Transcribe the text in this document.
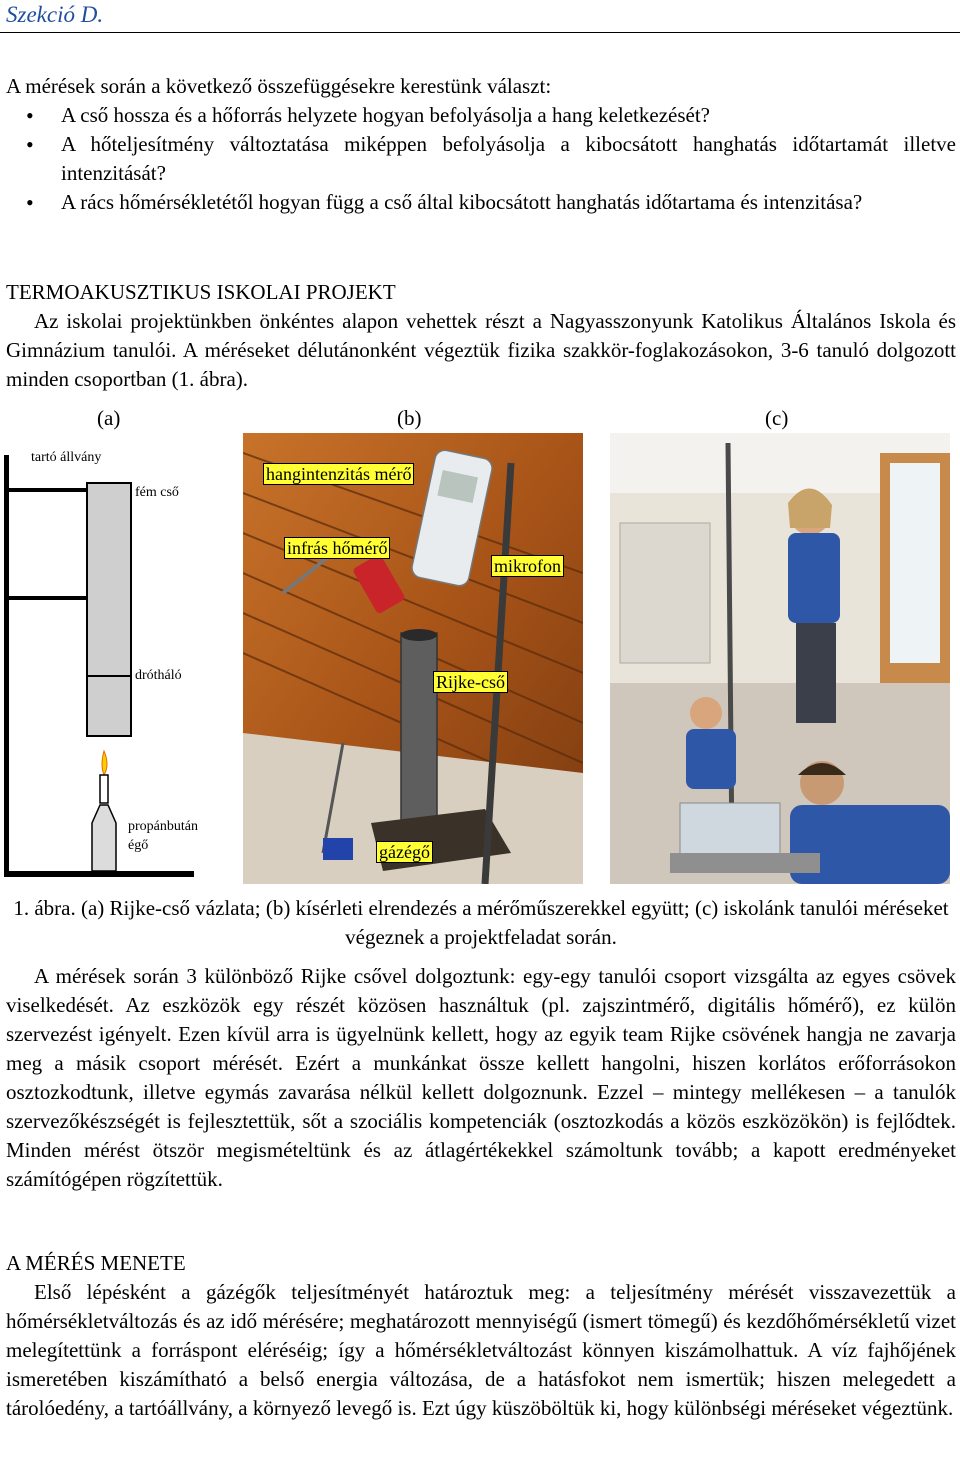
Szekció D.
A mérések során a következő összefüggésekre kerestünk választ:
• A cső hossza és a hőforrás helyzete hogyan befolyásolja a hang keletkezését?
• A hőteljesítmény változtatása miképpen befolyásolja a kibocsátott hanghatás időtartamát illetve intenzitását?
• A rács hőmérsékletétől hogyan függ a cső által kibocsátott hanghatás időtartama és intenzitása?
TERMOAKUSZTIKUS ISKOLAI PROJEKT
Az iskolai projektünkben önkéntes alapon vehettek részt a Nagyasszonyunk Katolikus Általános Iskola és Gimnázium tanulói. A méréseket délutánonként végeztük fizika szakkör-foglakozásokon, 3-6 tanuló dolgozott minden csoportban (1. ábra).
(a)	(b)	(c)
tartó állvány
fém cső
drótháló
propánbután égő
hangintenzitás mérő
infrás hőmérő
mikrofon
Rijke-cső
gázégő
1. ábra. (a) Rijke-cső vázlata; (b) kísérleti elrendezés a mérőműszerekkel együtt; (c) iskolánk tanulói méréseket végeznek a projektfeladat során.
A mérések során 3 különböző Rijke csővel dolgoztunk: egy-egy tanulói csoport vizsgálta az egyes csövek viselkedését. Az eszközök egy részét közösen használtuk (pl. zajszintmérő, digitális hőmérő), ez külön szervezést igényelt. Ezen kívül arra is ügyelnünk kellett, hogy az egyik team Rijke csövének hangja ne zavarja meg a másik csoport mérését. Ezért a munkánkat össze kellett hangolni, hiszen korlátos erőforrásokon osztozkodtunk, illetve egymás zavarása nélkül kellett dolgoznunk. Ezzel – mintegy mellékesen – a tanulók szervezőkészségét is fejlesztettük, sőt a szociális kompetenciák (osztozkodás a közös eszközökön) is fejlődtek. Minden mérést ötször megismételtünk és az átlagértékekkel számoltunk tovább; a kapott eredményeket számítógépen rögzítettük.
A MÉRÉS MENETE
Első lépésként a gázégők teljesítményét határoztuk meg: a teljesítmény mérését visszavezettük a hőmérsékletváltozás és az idő mérésére; meghatározott mennyiségű (ismert tömegű) és kezdőhőmérsékletű vizet melegítettünk a forráspont eléréséig; így a hőmérsékletváltozást könnyen kiszámolhattuk. A víz fajhőjének ismeretében kiszámítható a belső energia változása, de a hatásfokot nem ismertük; hiszen melegedett a tárolóedény, a tartóállvány, a környező levegő is. Ezt úgy küszöböltük ki, hogy különbségi méréseket végeztünk.
